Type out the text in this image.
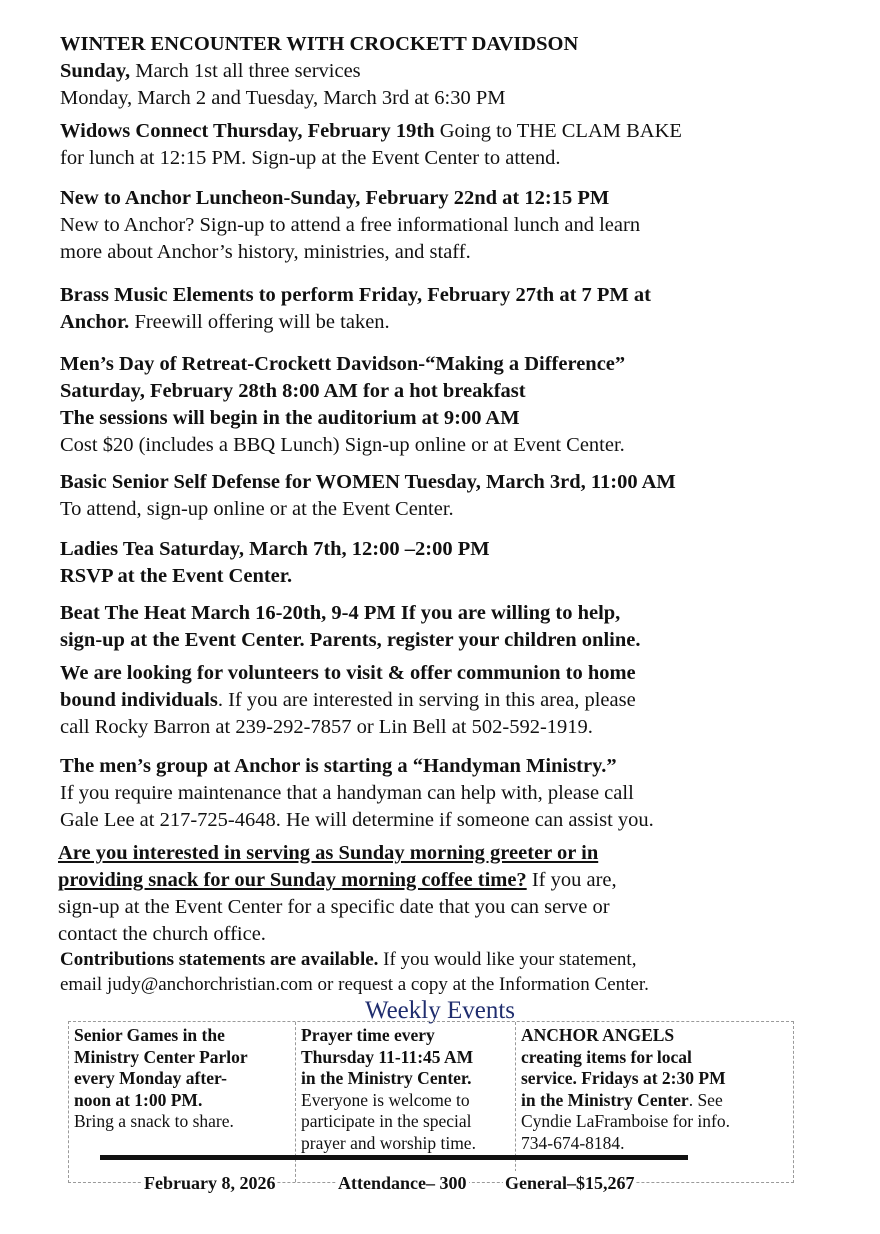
WINTER ENCOUNTER WITH CROCKETT DAVIDSON
Sunday, March 1st all three services
Monday, March 2 and Tuesday, March 3rd at 6:30 PM
Widows Connect Thursday, February 19th Going to THE CLAM BAKE
for lunch at 12:15 PM. Sign-up at the Event Center to attend.
New to Anchor Luncheon-Sunday, February 22nd at 12:15 PM
New to Anchor? Sign-up to attend a free informational lunch and learn
more about Anchor’s history, ministries, and staff.
Brass Music Elements to perform Friday, February 27th at 7 PM at
Anchor. Freewill offering will be taken.
Men’s Day of Retreat-Crockett Davidson-“Making a Difference”
Saturday, February 28th 8:00 AM for a hot breakfast
The sessions will begin in the auditorium at 9:00 AM
Cost $20 (includes a BBQ Lunch) Sign-up online or at Event Center.
Basic Senior Self Defense for WOMEN Tuesday, March 3rd, 11:00 AM
To attend, sign-up online or at the Event Center.
Ladies Tea Saturday, March 7th, 12:00 –2:00 PM
RSVP at the Event Center.
Beat The Heat March 16-20th, 9-4 PM If you are willing to help,
sign-up at the Event Center. Parents, register your children online.
We are looking for volunteers to visit & offer communion to home
bound individuals. If you are interested in serving in this area, please
call Rocky Barron at 239-292-7857 or Lin Bell at 502-592-1919.
The men’s group at Anchor is starting a “Handyman Ministry.”
If you require maintenance that a handyman can help with, please call
Gale Lee at 217-725-4648. He will determine if someone can assist you.
Are you interested in serving as Sunday morning greeter or in
providing snack for our Sunday morning coffee time? If you are,
sign-up at the Event Center for a specific date that you can serve or
contact the church office.
Contributions statements are available. If you would like your statement,
email judy@anchorchristian.com or request a copy at the Information Center.
Weekly Events
Senior Games in the
Ministry Center Parlor
every Monday after-
noon at 1:00 PM.
Bring a snack to share.
Prayer time every
Thursday 11-11:45 AM
in the Ministry Center.
Everyone is welcome to
participate in the special
prayer and worship time.
ANCHOR ANGELS
creating items for local
service. Fridays at 2:30 PM
in the Ministry Center. See
Cyndie LaFramboise for info.
734-674-8184.
February 8, 2026	Attendance– 300 General–$15,267
